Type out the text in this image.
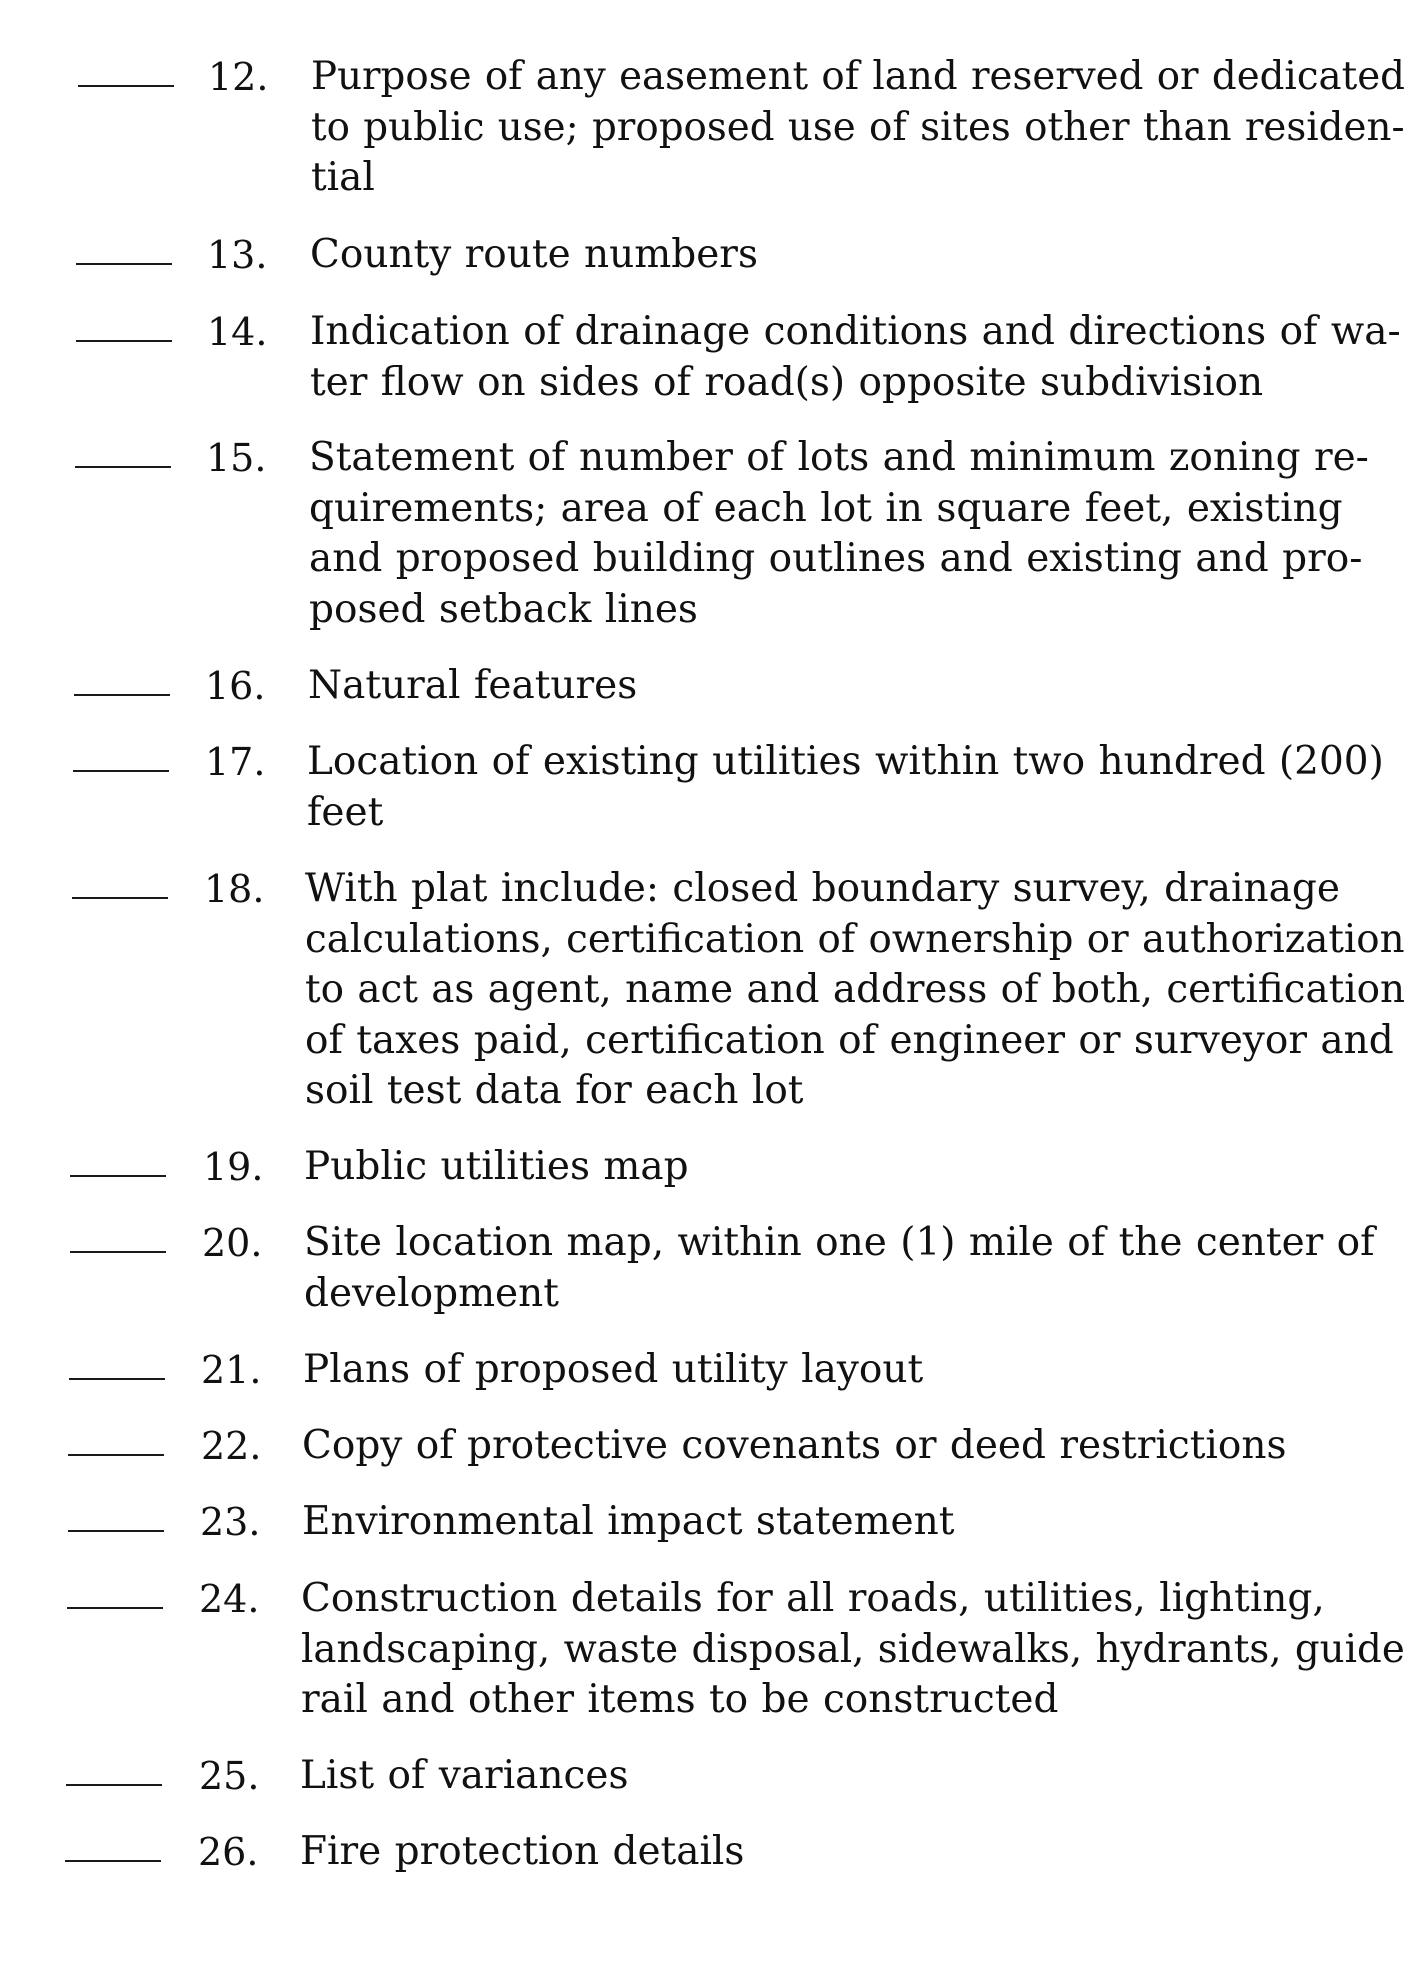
12.	Purpose of any easement of land reserved or dedicated
to public use; proposed use of sites other than residen-
tial
13.	County route numbers
14.	Indication of drainage conditions and directions of wa-
ter flow on sides of road(s) opposite subdivision
15.	Statement of number of lots and minimum zoning re-
quirements; area of each lot in square feet, existing
and proposed building outlines and existing and pro-
posed setback lines
16.	Natural features
17.	Location of existing utilities within two hundred (200)
feet
18.	With plat include: closed boundary survey, drainage
calculations, certification of ownership or authorization
to act as agent, name and address of both, certification
of taxes paid, certification of engineer or surveyor and
soil test data for each lot
19.	Public utilities map
20.	Site location map, within one (1) mile of the center of
development
21.	Plans of proposed utility layout
22.	Copy of protective covenants or deed restrictions
23.	Environmental impact statement
24.	Construction details for all roads, utilities, lighting,
landscaping, waste disposal, sidewalks, hydrants, guide
rail and other items to be constructed
25.	List of variances
26.	Fire protection details
